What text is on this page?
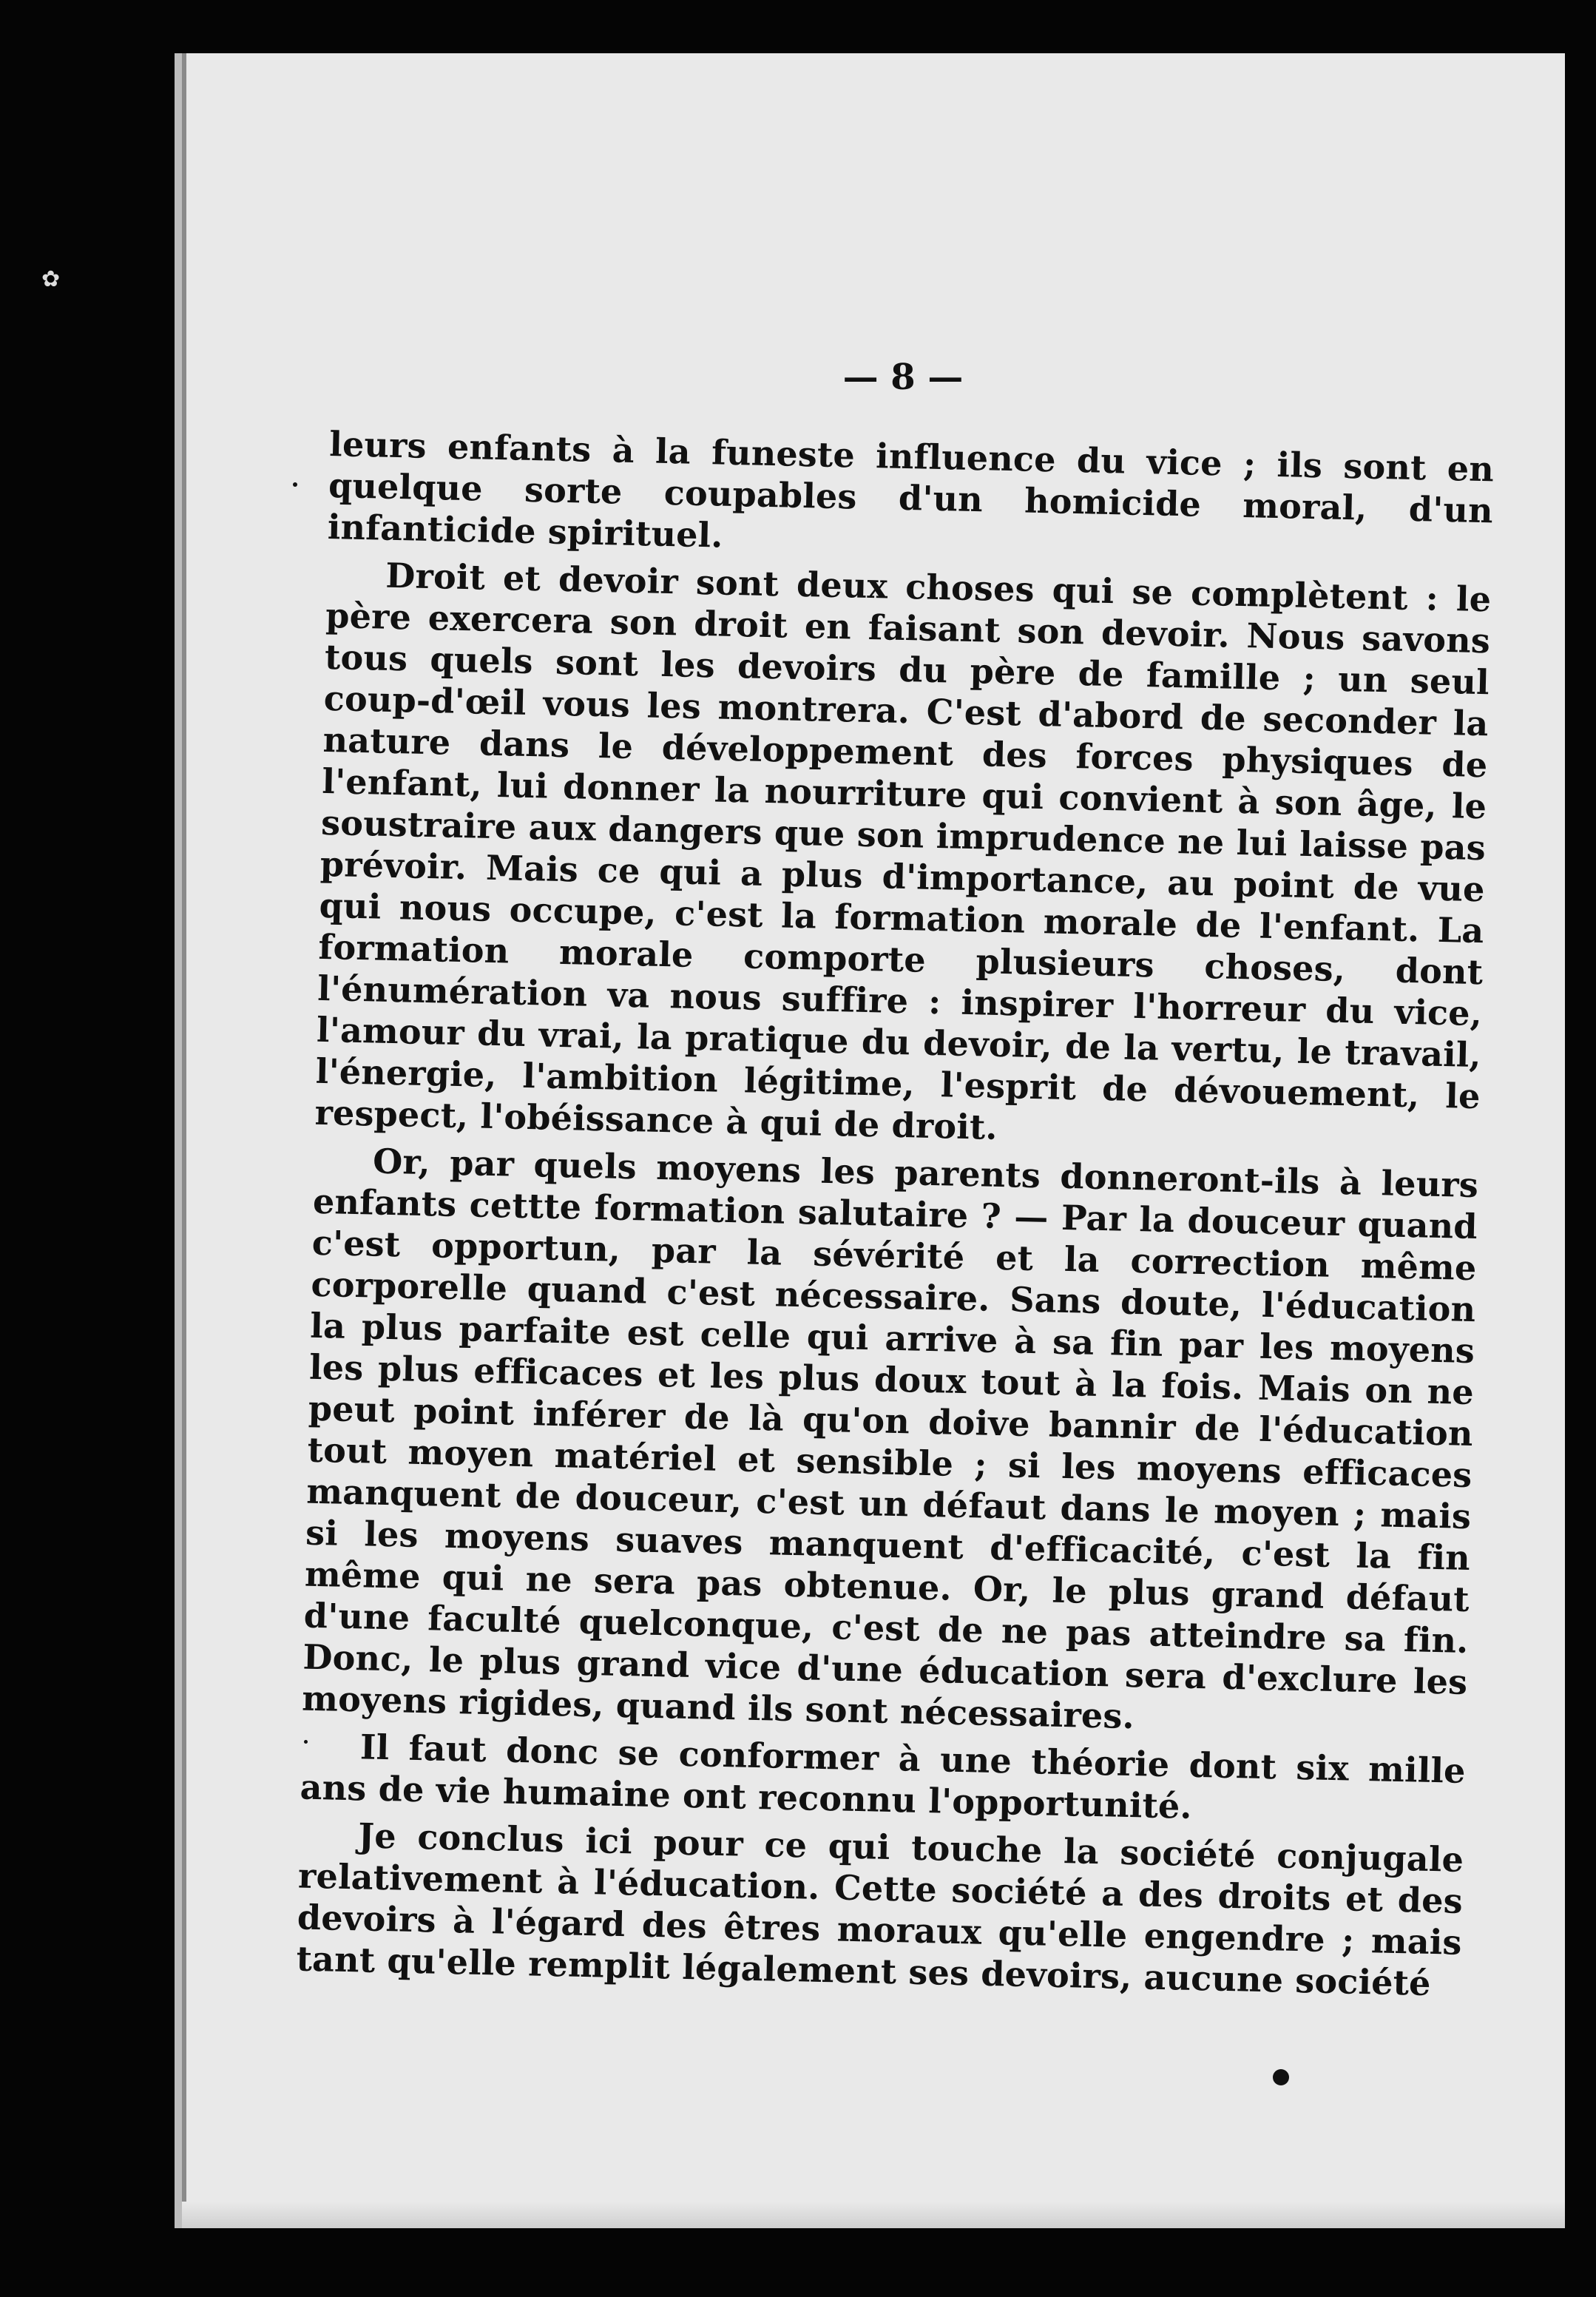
✿
— 8 —

leurs enfants à la funeste influence du vice ; ils sont en quelque sorte coupables d'un homicide moral, d'un infanticide spirituel.

Droit et devoir sont deux choses qui se complètent : le père exercera son droit en faisant son devoir. Nous savons tous quels sont les devoirs du père de famille ; un seul coup-d'œil vous les montrera. C'est d'abord de seconder la nature dans le développement des forces physiques de l'enfant, lui donner la nourriture qui convient à son âge, le soustraire aux dangers que son imprudence ne lui laisse pas prévoir. Mais ce qui a plus d'importance, au point de vue qui nous occupe, c'est la formation morale de l'enfant. La formation morale comporte plusieurs choses, dont l'énumération va nous suffire : inspirer l'horreur du vice, l'amour du vrai, la pratique du devoir, de la vertu, le travail, l'énergie, l'ambition légitime, l'esprit de dévouement, le respect, l'obéissance à qui de droit.

Or, par quels moyens les parents donneront-ils à leurs enfants cettte formation salutaire ? — Par la douceur quand c'est opportun, par la sévérité et la correction même corporelle quand c'est nécessaire. Sans doute, l'éducation la plus parfaite est celle qui arrive à sa fin par les moyens les plus efficaces et les plus doux tout à la fois. Mais on ne peut point inférer de là qu'on doive bannir de l'éducation tout moyen matériel et sensible ; si les moyens efficaces manquent de douceur, c'est un défaut dans le moyen ; mais si les moyens suaves manquent d'efficacité, c'est la fin même qui ne sera pas obtenue. Or, le plus grand défaut d'une faculté quelconque, c'est de ne pas atteindre sa fin. Donc, le plus grand vice d'une éducation sera d'exclure les moyens rigides, quand ils sont nécessaires.

Il faut donc se conformer à une théorie dont six mille ans de vie humaine ont reconnu l'opportunité.

Je conclus ici pour ce qui touche la société conjugale relativement à l'éducation. Cette société a des droits et des devoirs à l'égard des êtres moraux qu'elle engendre ; mais tant qu'elle remplit légalement ses devoirs, aucune société
